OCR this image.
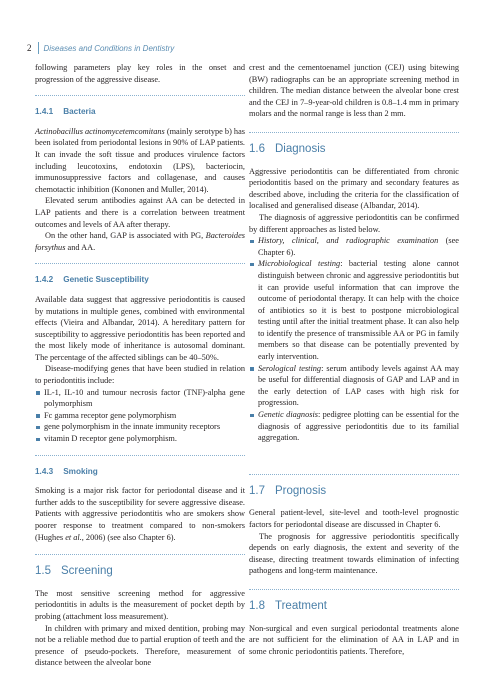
2 Diseases and Conditions in Dentistry

following parameters play key roles in the onset and progression of the aggressive disease.

1.4.1 Bacteria

Actinobacillus actinomycetemcomitans (mainly serotype b) has been isolated from periodontal lesions in 90% of LAP patients. It can invade the soft tissue and produces virulence factors including leucotoxins, endotoxin (LPS), bacteriocin, immunosuppressive factors and collagenase, and causes chemotactic inhibition (Kononen and Muller, 2014).

Elevated serum antibodies against AA can be detected in LAP patients and there is a correlation between treatment outcomes and levels of AA after therapy.

On the other hand, GAP is associated with PG, Bacteroides forsythus and AA.

1.4.2 Genetic Susceptibility

Available data suggest that aggressive periodontitis is caused by mutations in multiple genes, combined with environmental effects (Vieira and Albandar, 2014). A hereditary pattern for susceptibility to aggressive periodontitis has been reported and the most likely mode of inheritance is autosomal dominant. The percentage of the affected siblings can be 40–50%.

Disease-modifying genes that have been studied in relation to periodontitis include:

IL-1, IL-10 and tumour necrosis factor (TNF)-alpha gene polymorphism
Fc gamma receptor gene polymorphism
gene polymorphism in the innate immunity receptors
vitamin D receptor gene polymorphism.
1.4.3 Smoking

Smoking is a major risk factor for periodontal disease and it further adds to the susceptibility for severe aggressive disease. Patients with aggressive periodontitis who are smokers show poorer response to treatment compared to non-smokers (Hughes et al., 2006) (see also Chapter 6).

1.5 Screening

The most sensitive screening method for aggressive periodontitis in adults is the measurement of pocket depth by probing (attachment loss measurement).

In children with primary and mixed dentition, probing may not be a reliable method due to partial eruption of teeth and the presence of pseudo-pockets. Therefore, measurement of distance between the alveolar bone

crest and the cementoenamel junction (CEJ) using bitewing (BW) radiographs can be an appropriate screening method in children. The median distance between the alveolar bone crest and the CEJ in 7–9-year-old children is 0.8–1.4 mm in primary molars and the normal range is less than 2 mm.

1.6 Diagnosis

Aggressive periodontitis can be differentiated from chronic periodontitis based on the primary and secondary features as described above, including the criteria for the classification of localised and generalised disease (Albandar, 2014).

The diagnosis of aggressive periodontitis can be confirmed by different approaches as listed below.

History, clinical, and radiographic examination (see Chapter 6).
Microbiological testing: bacterial testing alone cannot distinguish between chronic and aggressive periodontitis but it can provide useful information that can improve the outcome of periodontal therapy. It can help with the choice of antibiotics so it is best to postpone microbiological testing until after the initial treatment phase. It can also help to identify the presence of transmissible AA or PG in family members so that disease can be potentially prevented by early intervention.
Serological testing: serum antibody levels against AA may be useful for differential diagnosis of GAP and LAP and in the early detection of LAP cases with high risk for progression.
Genetic diagnosis: pedigree plotting can be essential for the diagnosis of aggressive periodontitis due to its familial aggregation.
1.7 Prognosis

General patient-level, site-level and tooth-level prognostic factors for periodontal disease are discussed in Chapter 6.

The prognosis for aggressive periodontitis specifically depends on early diagnosis, the extent and severity of the disease, directing treatment towards elimination of infecting pathogens and long-term maintenance.

1.8 Treatment

Non-surgical and even surgical periodontal treatments alone are not sufficient for the elimination of AA in LAP and in some chronic periodontitis patients. Therefore,
